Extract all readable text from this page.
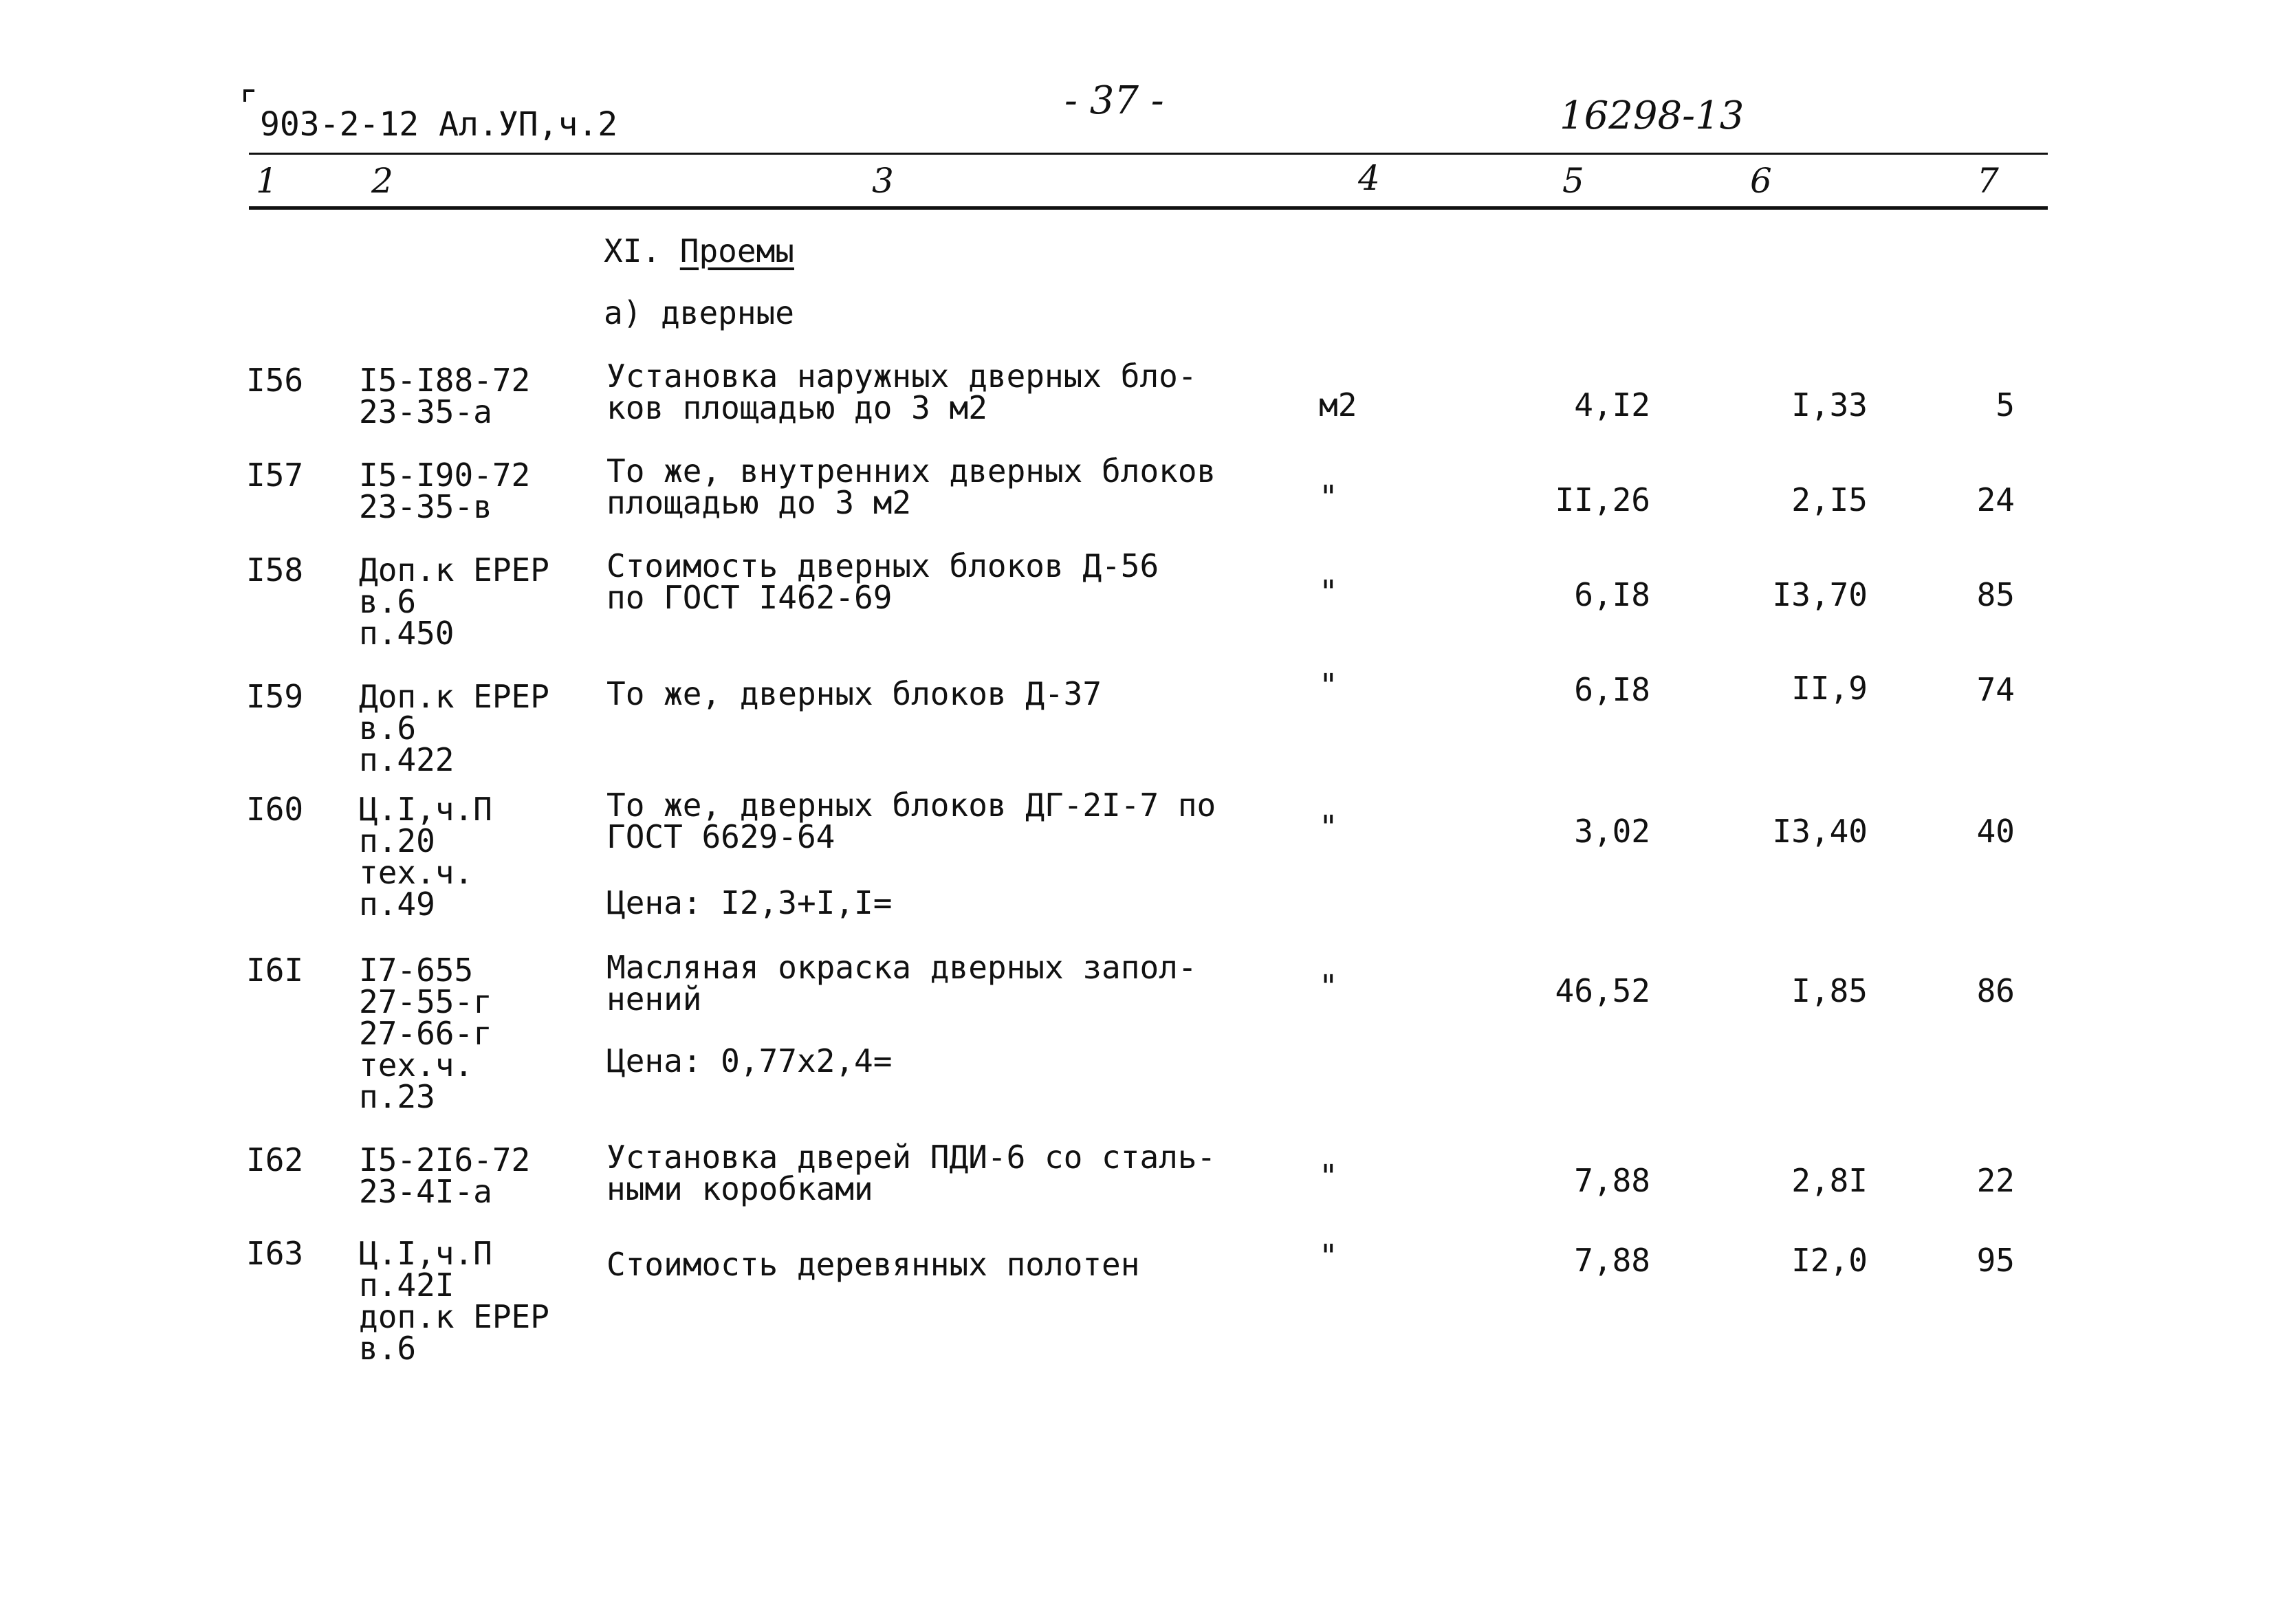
903-2-12 Ал.УП,ч.2
- 37 -	16298-13
1	2	3	4	5	6	7
XI. Проемы
а) дверные
I56 I5-I88-72
23-35-а
Установка наружных дверных бло-
ков площадью до 3 м2	м2	4,I2	I,33	5
I57 I5-I90-72
23-35-в
То же, внутренних дверных блоков
площадью до 3 м2	"	II,26	2,I5	24
I58 Доп.к ЕРЕР
в.6
п.450
Стоимость дверных блоков Д-56
по ГОСТ I462-69	"	6,I8	I3,70	85
I59 Доп.к ЕРЕР
в.6
п.422
То же, дверных блоков Д-37	"	6,I8	II,9	74
I60 Ц.I,ч.П
п.20
тех.ч.
п.49
То же, дверных блоков ДГ-2I-7 по
ГОСТ 6629-64
Цена: I2,3+I,I=
"	3,02	I3,40	40
I6I I7-655
27-55-г
27-66-г
тех.ч.
п.23
Масляная окраска дверных запол-
нений
Цена: 0,77х2,4=
"	46,52	I,85	86
I62 I5-2I6-72
23-4I-а
Установка дверей ПДИ-6 со сталь-
ными коробками	"	7,88	2,8I	22
I63 Ц.I,ч.П
п.42I
доп.к ЕРЕР
в.6
Стоимость деревянных полотен	"	7,88	I2,0	95
